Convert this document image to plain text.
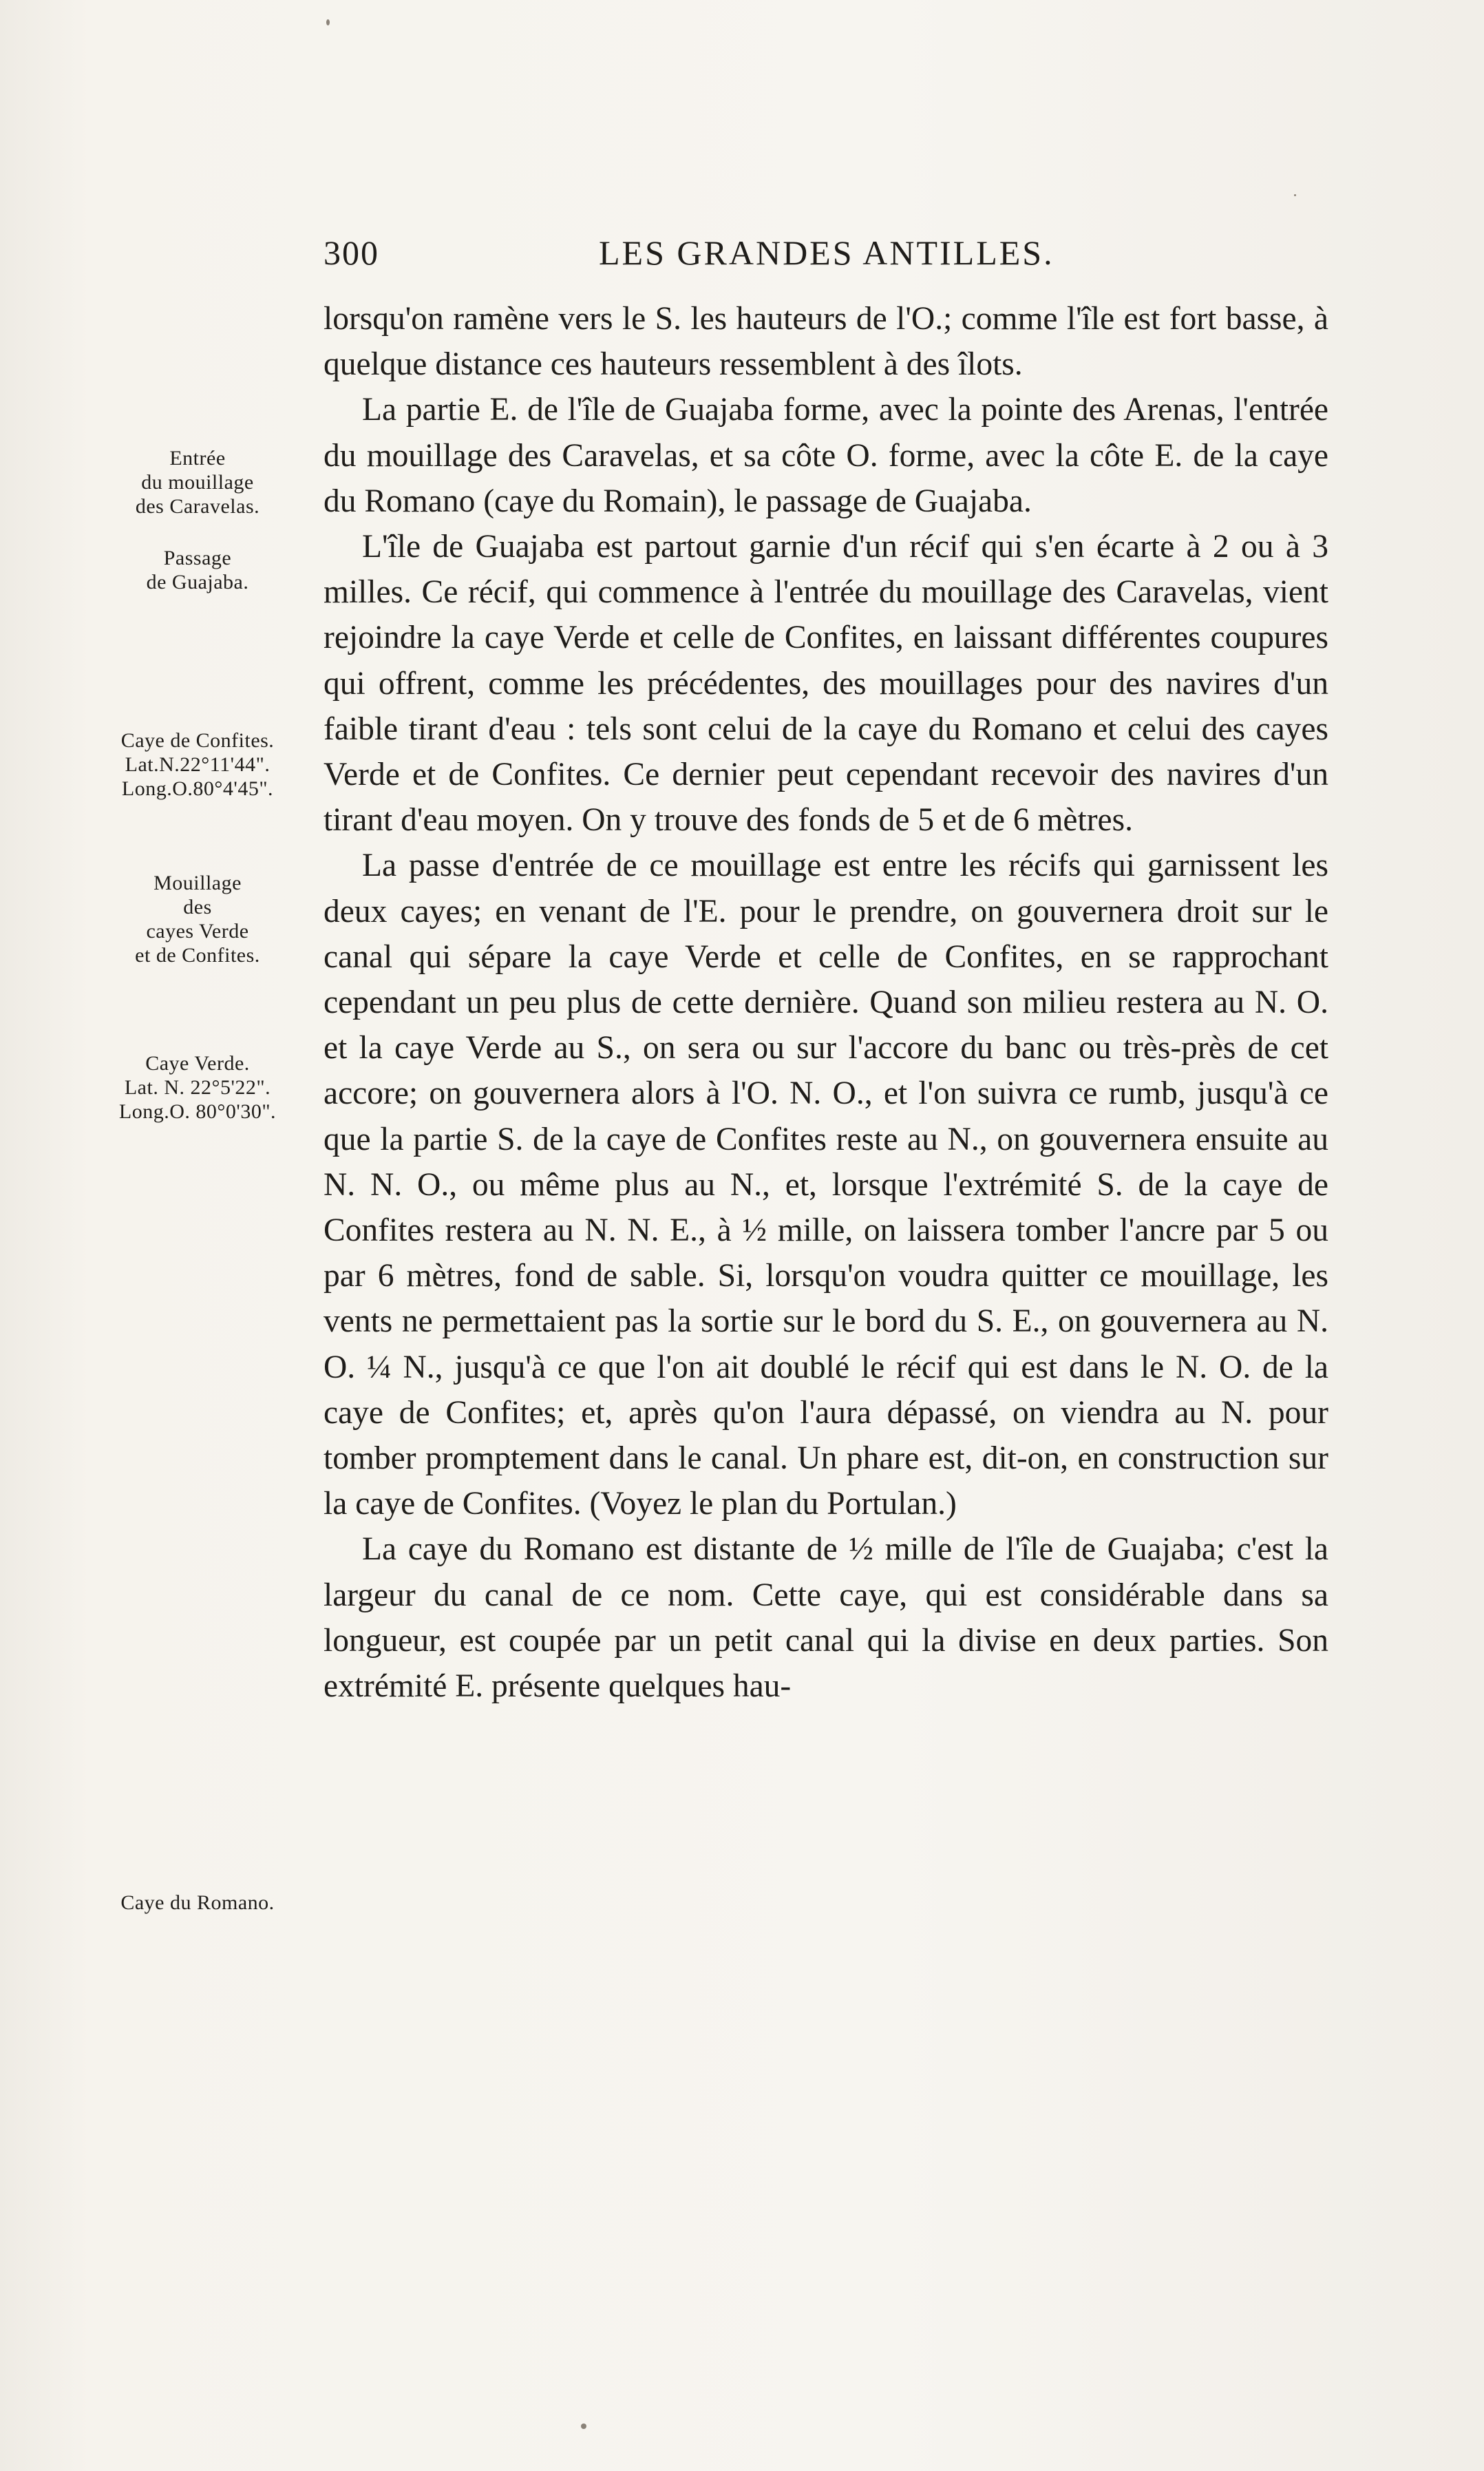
300	LES GRANDES ANTILLES.

lorsqu'on ramène vers le S. les hauteurs de l'O.; comme l'île est fort basse, à quelque distance ces hauteurs ressemblent à des îlots.

La partie E. de l'île de Guajaba forme, avec la pointe des Arenas, l'entrée du mouillage des Caravelas, et sa côte O. forme, avec la côte E. de la caye du Romano (caye du Romain), le passage de Guajaba.

L'île de Guajaba est partout garnie d'un récif qui s'en écarte à 2 ou à 3 milles. Ce récif, qui commence à l'entrée du mouillage des Caravelas, vient rejoindre la caye Verde et celle de Confites, en laissant différentes coupures qui offrent, comme les précédentes, des mouillages pour des navires d'un faible tirant d'eau : tels sont celui de la caye du Romano et celui des cayes Verde et de Confites. Ce dernier peut cependant recevoir des navires d'un tirant d'eau moyen. On y trouve des fonds de 5 et de 6 mètres.

La passe d'entrée de ce mouillage est entre les récifs qui garnissent les deux cayes; en venant de l'E. pour le prendre, on gouvernera droit sur le canal qui sépare la caye Verde et celle de Confites, en se rapprochant cependant un peu plus de cette dernière. Quand son milieu restera au N. O. et la caye Verde au S., on sera ou sur l'accore du banc ou très-près de cet accore; on gouvernera alors à l'O. N. O., et l'on suivra ce rumb, jusqu'à ce que la partie S. de la caye de Confites reste au N., on gouvernera ensuite au N. N. O., ou même plus au N., et, lorsque l'extrémité S. de la caye de Confites restera au N. N. E., à ½ mille, on laissera tomber l'ancre par 5 ou par 6 mètres, fond de sable. Si, lorsqu'on voudra quitter ce mouillage, les vents ne permettaient pas la sortie sur le bord du S. E., on gouvernera au N. O. ¼ N., jusqu'à ce que l'on ait doublé le récif qui est dans le N. O. de la caye de Confites; et, après qu'on l'aura dépassé, on viendra au N. pour tomber promptement dans le canal. Un phare est, dit-on, en construction sur la caye de Confites. (Voyez le plan du Portulan.)

La caye du Romano est distante de ½ mille de l'île de Guajaba; c'est la largeur du canal de ce nom. Cette caye, qui est considérable dans sa longueur, est coupée par un petit canal qui la divise en deux parties. Son extrémité E. présente quelques hau-

Entrée
du mouillage
des Caravelas.
Passage
de Guajaba.
Caye de Confites.
Lat.N.22°11'44".
Long.O.80°4'45".
Mouillage
des
cayes Verde
et de Confites.
Caye Verde.
Lat. N. 22°5'22".
Long.O. 80°0'30".
Caye du Romano.
